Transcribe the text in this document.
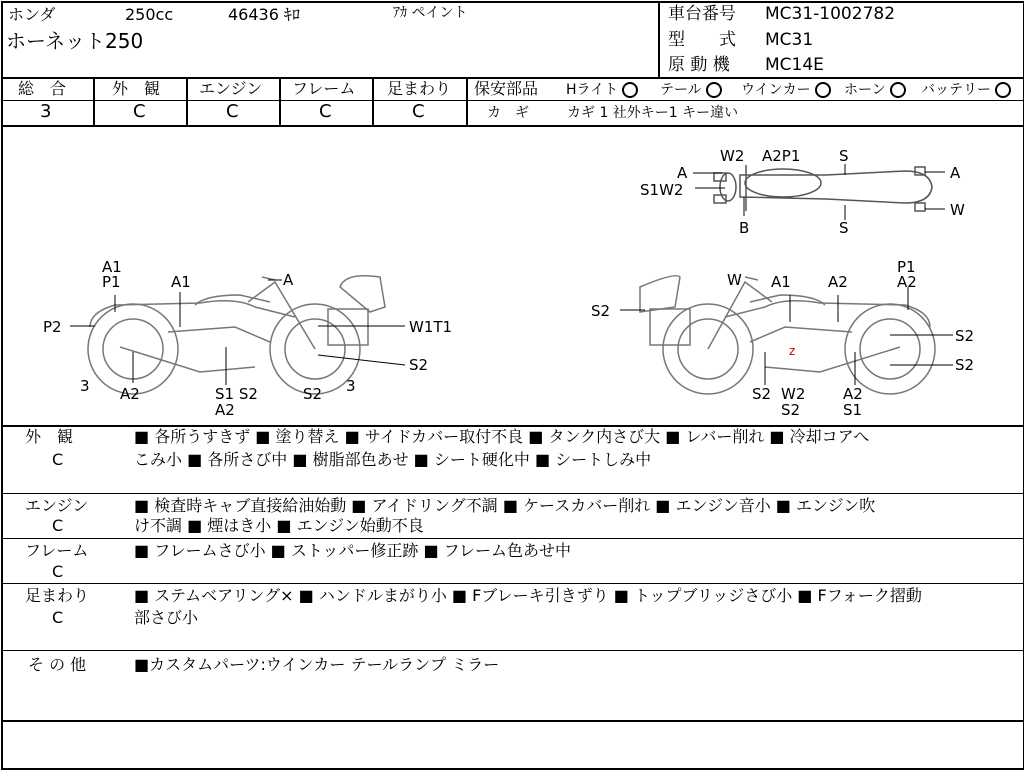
ホンダ	250cc	46436 ｷﾛ	ｱｶ ペイント
ホーネット250
車台番号 MC31-1002782
型　　式 MC31
原 動 機 MC14E
総　合	外　観 エンジン フレーム 足まわり
3	C	C	C	C
保安部品 Hライト	テール	ウインカー	ホーン	バッテリー
カ　ギ	カギ 1 社外キー1 キー違い
z
W2 A2P1	S
A
S1W2
A
W
B	S
A1
P1	A1	A
P2	W1T1
S2
3 A2	S1 S2
A2
S2 3
W A1 A2
P1
A2
S2
S2
S2
S2 W2
S2
A2
S1
外　観
C
■ 各所うすきず ■ 塗り替え ■ サイドカバー取付不良 ■ タンク内さび大 ■ レバー削れ ■ 冷却コアへ
こみ小 ■ 各所さび中 ■ 樹脂部色あせ ■ シート硬化中 ■ シートしみ中
エンジン
C
■ 検査時キャブ直接給油始動 ■ アイドリング不調 ■ ケースカバー削れ ■ エンジン音小 ■ エンジン吹
け不調 ■ 煙はき小 ■ エンジン始動不良
フレーム
C
■ フレームさび小 ■ ストッパー修正跡 ■ フレーム色あせ中
足まわり
C
■ ステムベアリング× ■ ハンドルまがり小 ■ Fブレーキ引きずり ■ トップブリッジさび小 ■ Fフォーク摺動
部さび小
そ の 他	■カスタムパーツ:ウインカー テールランプ ミラー
